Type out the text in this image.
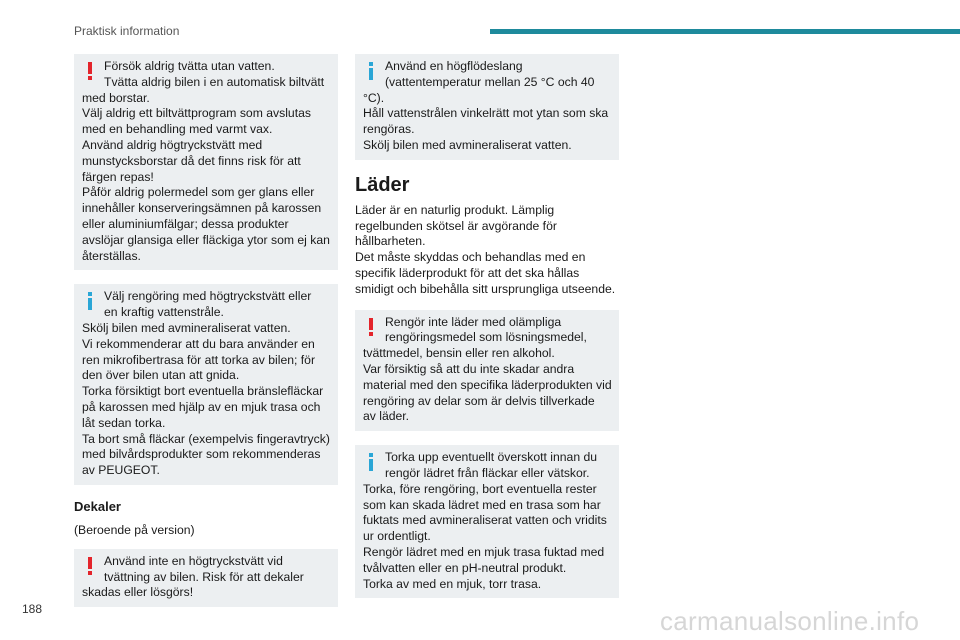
Praktisk information
Försök aldrig tvätta utan vatten.
Tvätta aldrig bilen i en automatisk biltvätt
med borstar.
Välj aldrig ett biltvättprogram som avslutas
med en behandling med varmt vax.
Använd aldrig högtryckstvätt med
munstycksborstar då det finns risk för att
färgen repas!
Påför aldrig polermedel som ger glans eller
innehåller konserveringsämnen på karossen
eller aluminiumfälgar; dessa produkter
avslöjar glansiga eller fläckiga ytor som ej kan
återställas.
Välj rengöring med högtryckstvätt eller
en kraftig vattenstråle.
Skölj bilen med avmineraliserat vatten.
Vi rekommenderar att du bara använder en
ren mikrofibertrasa för att torka av bilen; för
den över bilen utan att gnida.
Torka försiktigt bort eventuella bränslefläckar
på karossen med hjälp av en mjuk trasa och
låt sedan torka.
Ta bort små fläckar (exempelvis fingeravtryck)
med bilvårdsprodukter som rekommenderas
av PEUGEOT.
Dekaler
(Beroende på version)
Använd inte en högtryckstvätt vid
tvättning av bilen. Risk för att dekaler
skadas eller lösgörs!
Använd en högflödeslang
(vattentemperatur mellan 25 °C och 40
°C).
Håll vattenstrålen vinkelrätt mot ytan som ska
rengöras.
Skölj bilen med avmineraliserat vatten.
Läder
Läder är en naturlig produkt. Lämplig
regelbunden skötsel är avgörande för
hållbarheten.
Det måste skyddas och behandlas med en
specifik läderprodukt för att det ska hållas
smidigt och bibehålla sitt ursprungliga utseende.
Rengör inte läder med olämpliga
rengöringsmedel som lösningsmedel,
tvättmedel, bensin eller ren alkohol.
Var försiktig så att du inte skadar andra
material med den specifika läderprodukten vid
rengöring av delar som är delvis tillverkade
av läder.
Torka upp eventuellt överskott innan du
rengör lädret från fläckar eller vätskor.
Torka, före rengöring, bort eventuella rester
som kan skada lädret med en trasa som har
fuktats med avmineraliserat vatten och vridits
ur ordentligt.
Rengör lädret med en mjuk trasa fuktad med
tvålvatten eller en pH-neutral produkt.
Torka av med en mjuk, torr trasa.
188	carmanualsonline.info
